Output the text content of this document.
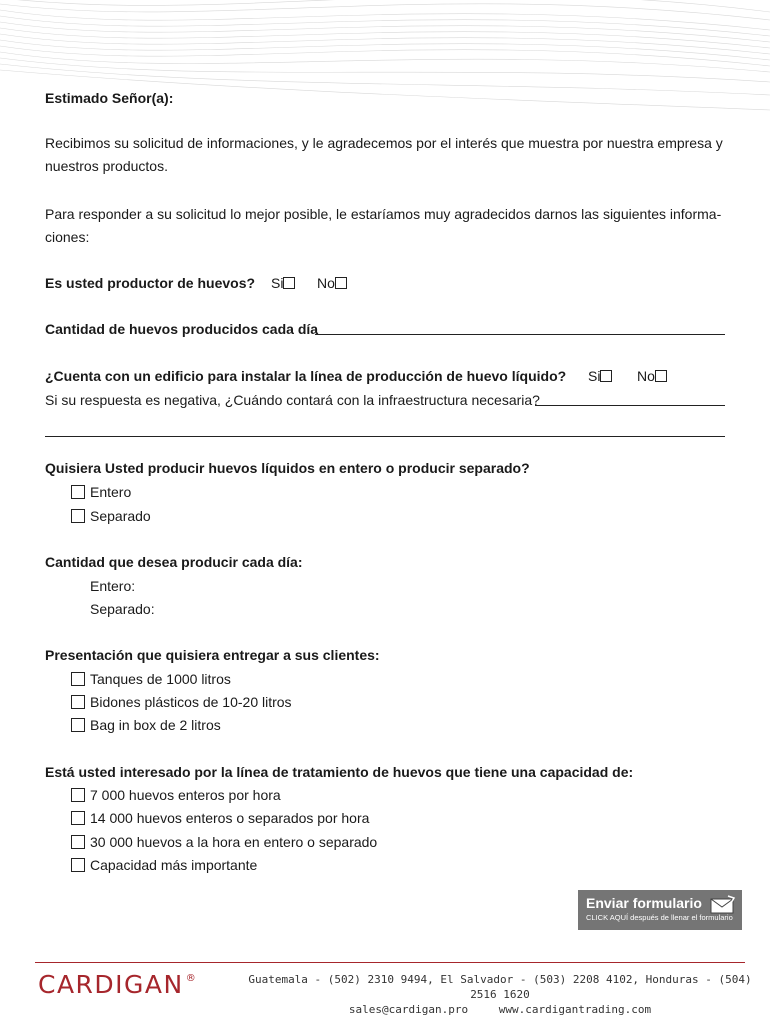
Estimado Señor(a):
Recibimos su solicitud de informaciones, y le agradecemos por el interés que muestra por nuestra empresa y nuestros productos.
Para responder a su solicitud lo mejor posible, le estaríamos muy agradecidos darnos las siguientes informa-ciones:
Es usted productor de huevos? Si	No
Cantidad de huevos producidos cada día
¿Cuenta con un edificio para instalar la línea de producción de huevo líquido? Si	No
Si su respuesta es negativa, ¿Cuándo contará con la infraestructura necesaria?
Quisiera Usted producir huevos líquidos en entero o producir separado?
Entero
Separado
Cantidad que desea producir cada día:
Entero:
Separado:
Presentación que quisiera entregar a sus clientes:
Tanques de 1000 litros
Bidones plásticos de 10-20 litros
Bag in box de 2 litros
Está usted interesado por la línea de tratamiento de huevos que tiene una capacidad de:
7 000 huevos enteros por hora
14 000 huevos enteros o separados por hora
30 000 huevos a la hora en entero o separado
Capacidad más importante
Enviar formulario
CLICK AQUÍ después de llenar el formulario
CARDIGAN ®	Guatemala - (502) 2310 9494, El Salvador - (503) 2208 4102, Honduras - (504) 2516 1620
sales@cardigan.pro	www.cardigantrading.com
